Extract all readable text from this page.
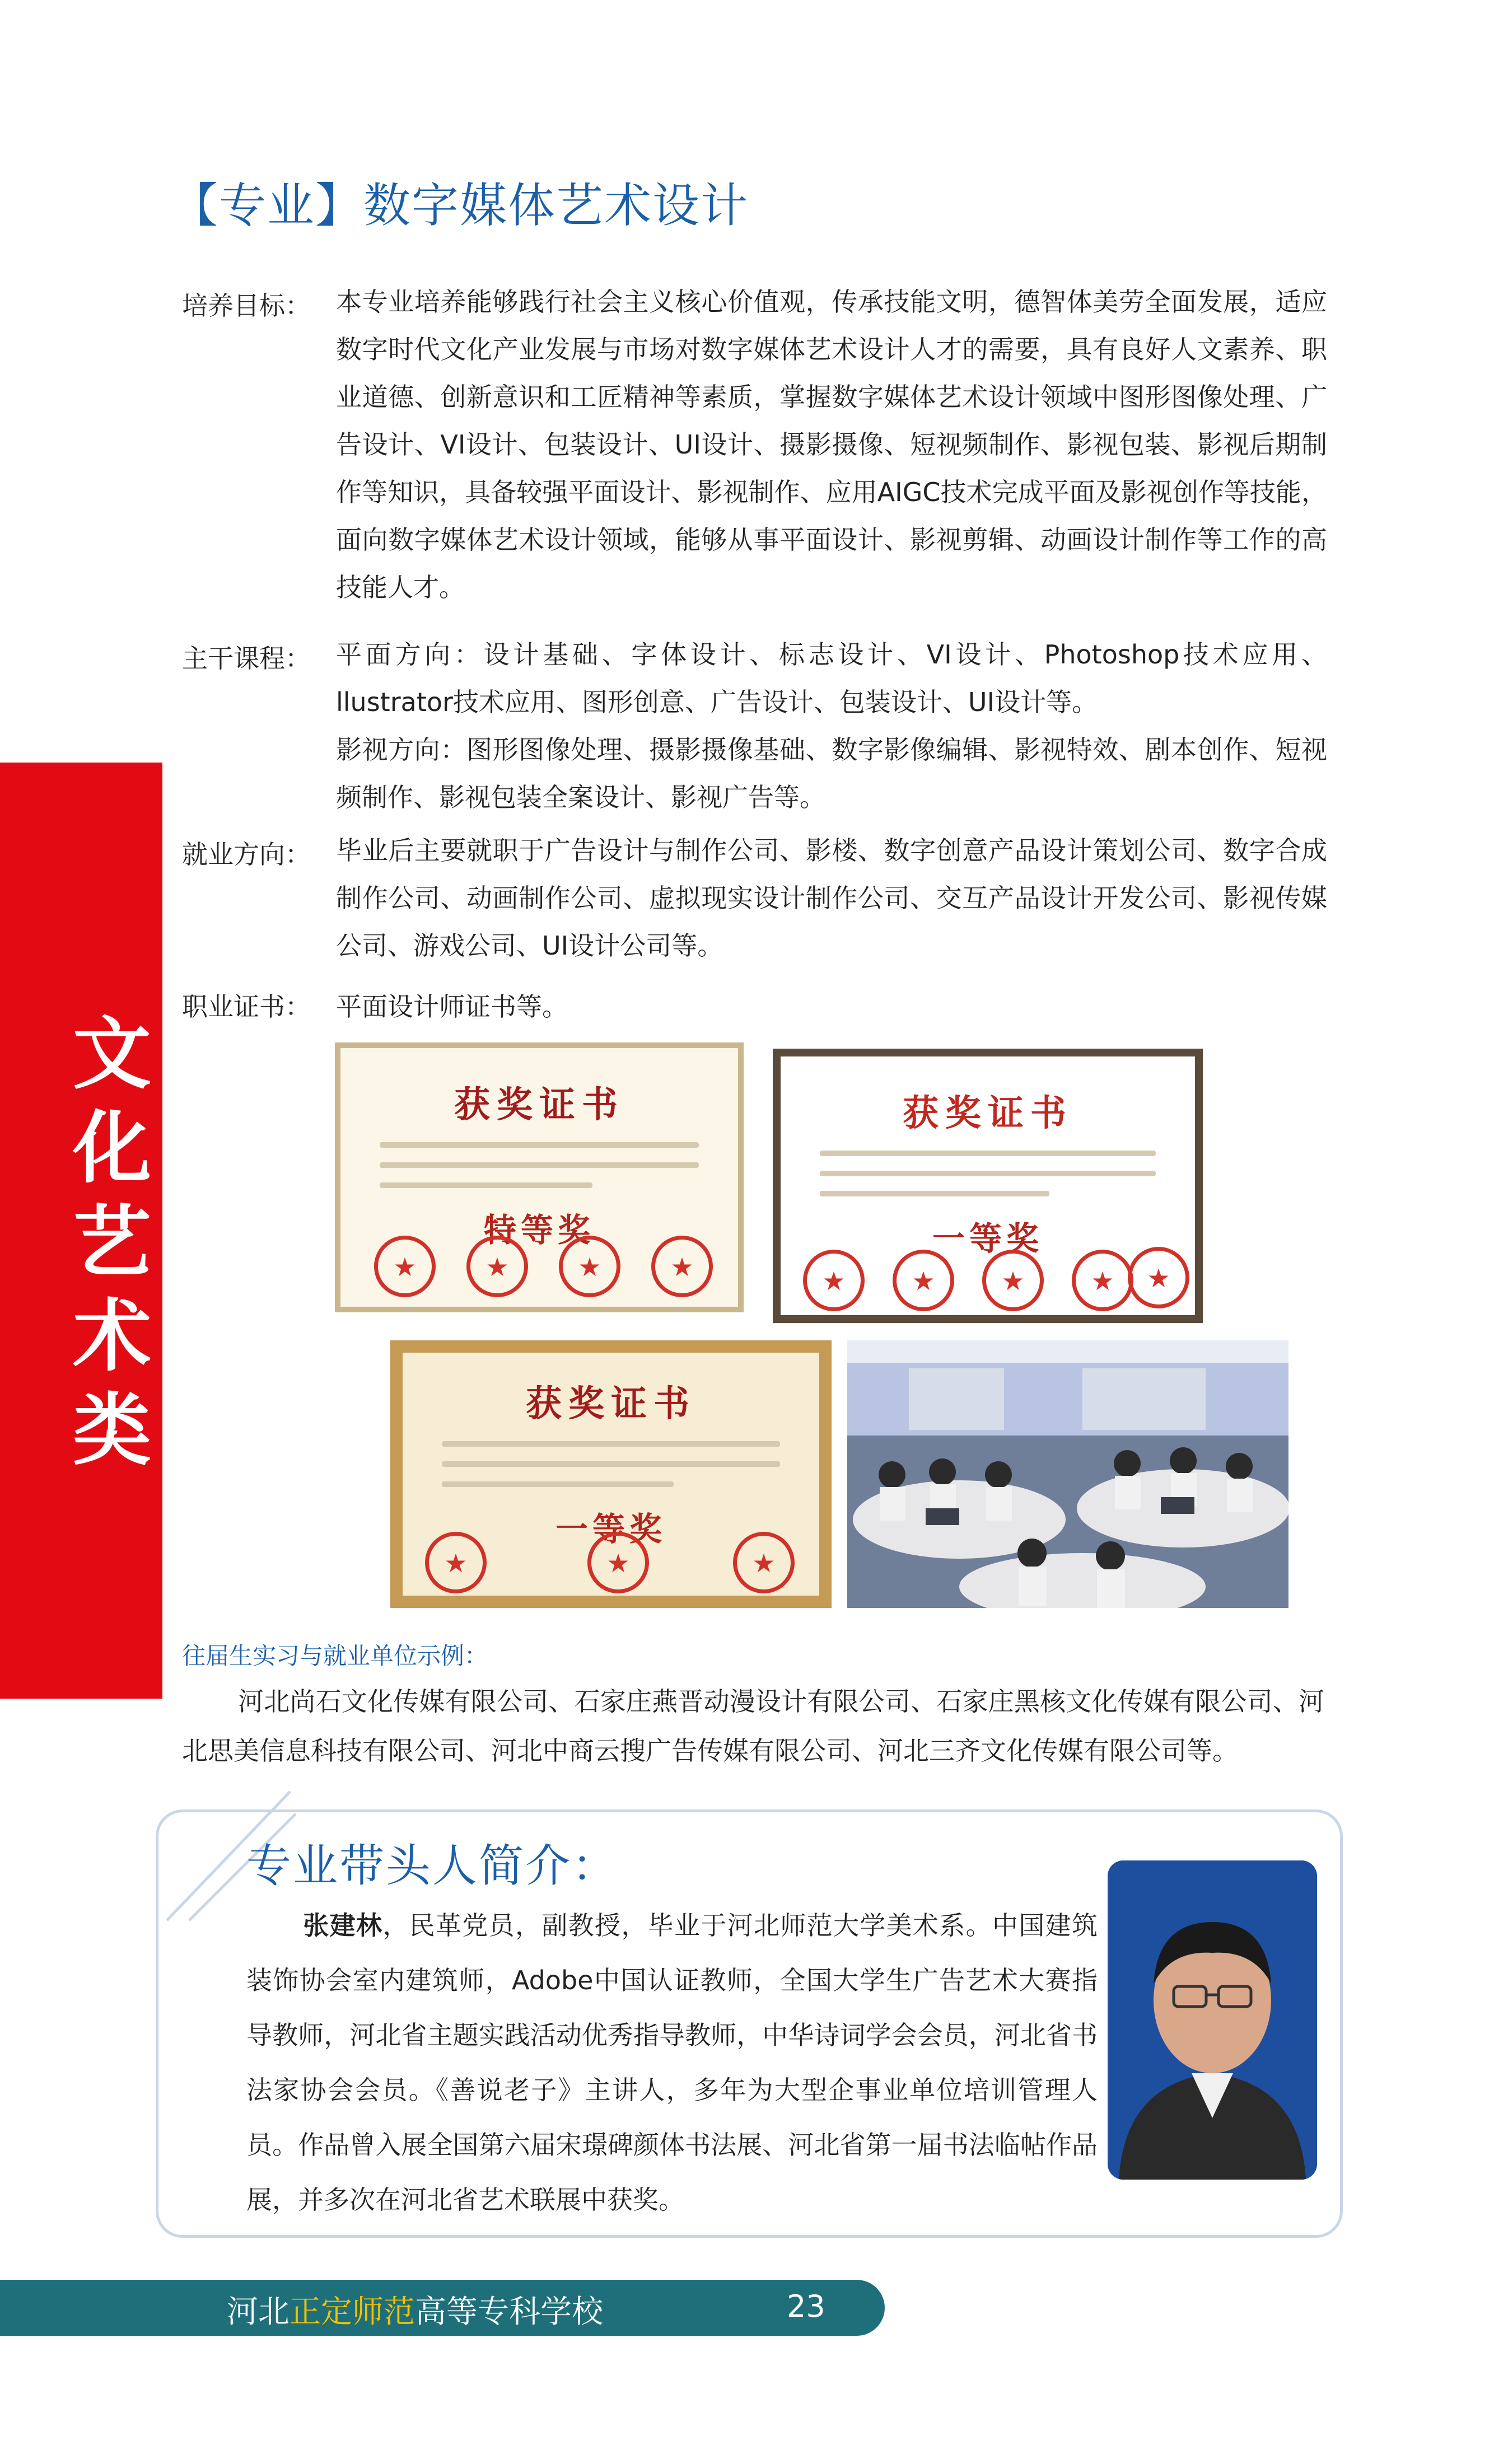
【专业】数字媒体艺术设计
培养目标： 本专业培养能够践行社会主义核心价值观，传承技能文明，德智体美劳全面发展，适应数字时代文化产业发展与市场对数字媒体艺术设计人才的需要，具有良好人文素养、职业道德、创新意识和工匠精神等素质，掌握数字媒体艺术设计领域中图形图像处理、广告设计、VI设计、包装设计、UI设计、摄影摄像、短视频制作、影视包装、影视后期制作等知识，具备较强平面设计、影视制作、应用AIGC技术完成平面及影视创作等技能，面向数字媒体艺术设计领域，能够从事平面设计、影视剪辑、动画设计制作等工作的高技能人才。

主干课程： 平面方向：设计基础、字体设计、标志设计、VI设计、Photoshop技术应用、llustrator技术应用、图形创意、广告设计、包装设计、UI设计等。

影视方向：图形图像处理、摄影摄像基础、数字影像编辑、影视特效、剧本创作、短视频制作、影视包装全案设计、影视广告等。

就业方向： 毕业后主要就职于广告设计与制作公司、影楼、数字创意产品设计策划公司、数字合成制作公司、动画制作公司、虚拟现实设计制作公司、交互产品设计开发公司、影视传媒公司、游戏公司、UI设计公司等。

职业证书： 平面设计师证书等。
文
化
艺
术
类
获奖证书
特等奖
★
★
★
★
获奖证书
一等奖
★
★
★
★
★
获奖证书
一等奖
★
★
★
往届生实习与就业单位示例：
河北尚石文化传媒有限公司、石家庄燕晋动漫设计有限公司、石家庄黑核文化传媒有限公司、河北思美信息科技有限公司、河北中商云搜广告传媒有限公司、河北三齐文化传媒有限公司等。
专业带头人简介：
张建林，民革党员，副教授，毕业于河北师范大学美术系。中国建筑装饰协会室内建筑师，Adobe中国认证教师，全国大学生广告艺术大赛指导教师，河北省主题实践活动优秀指导教师，中华诗词学会会员，河北省书法家协会会员。《善说老子》主讲人，多年为大型企事业单位培训管理人员。作品曾入展全国第六届宋璟碑颜体书法展、河北省第一届书法临帖作品展，并多次在河北省艺术联展中获奖。
河北正定师范高等专科学校	23
